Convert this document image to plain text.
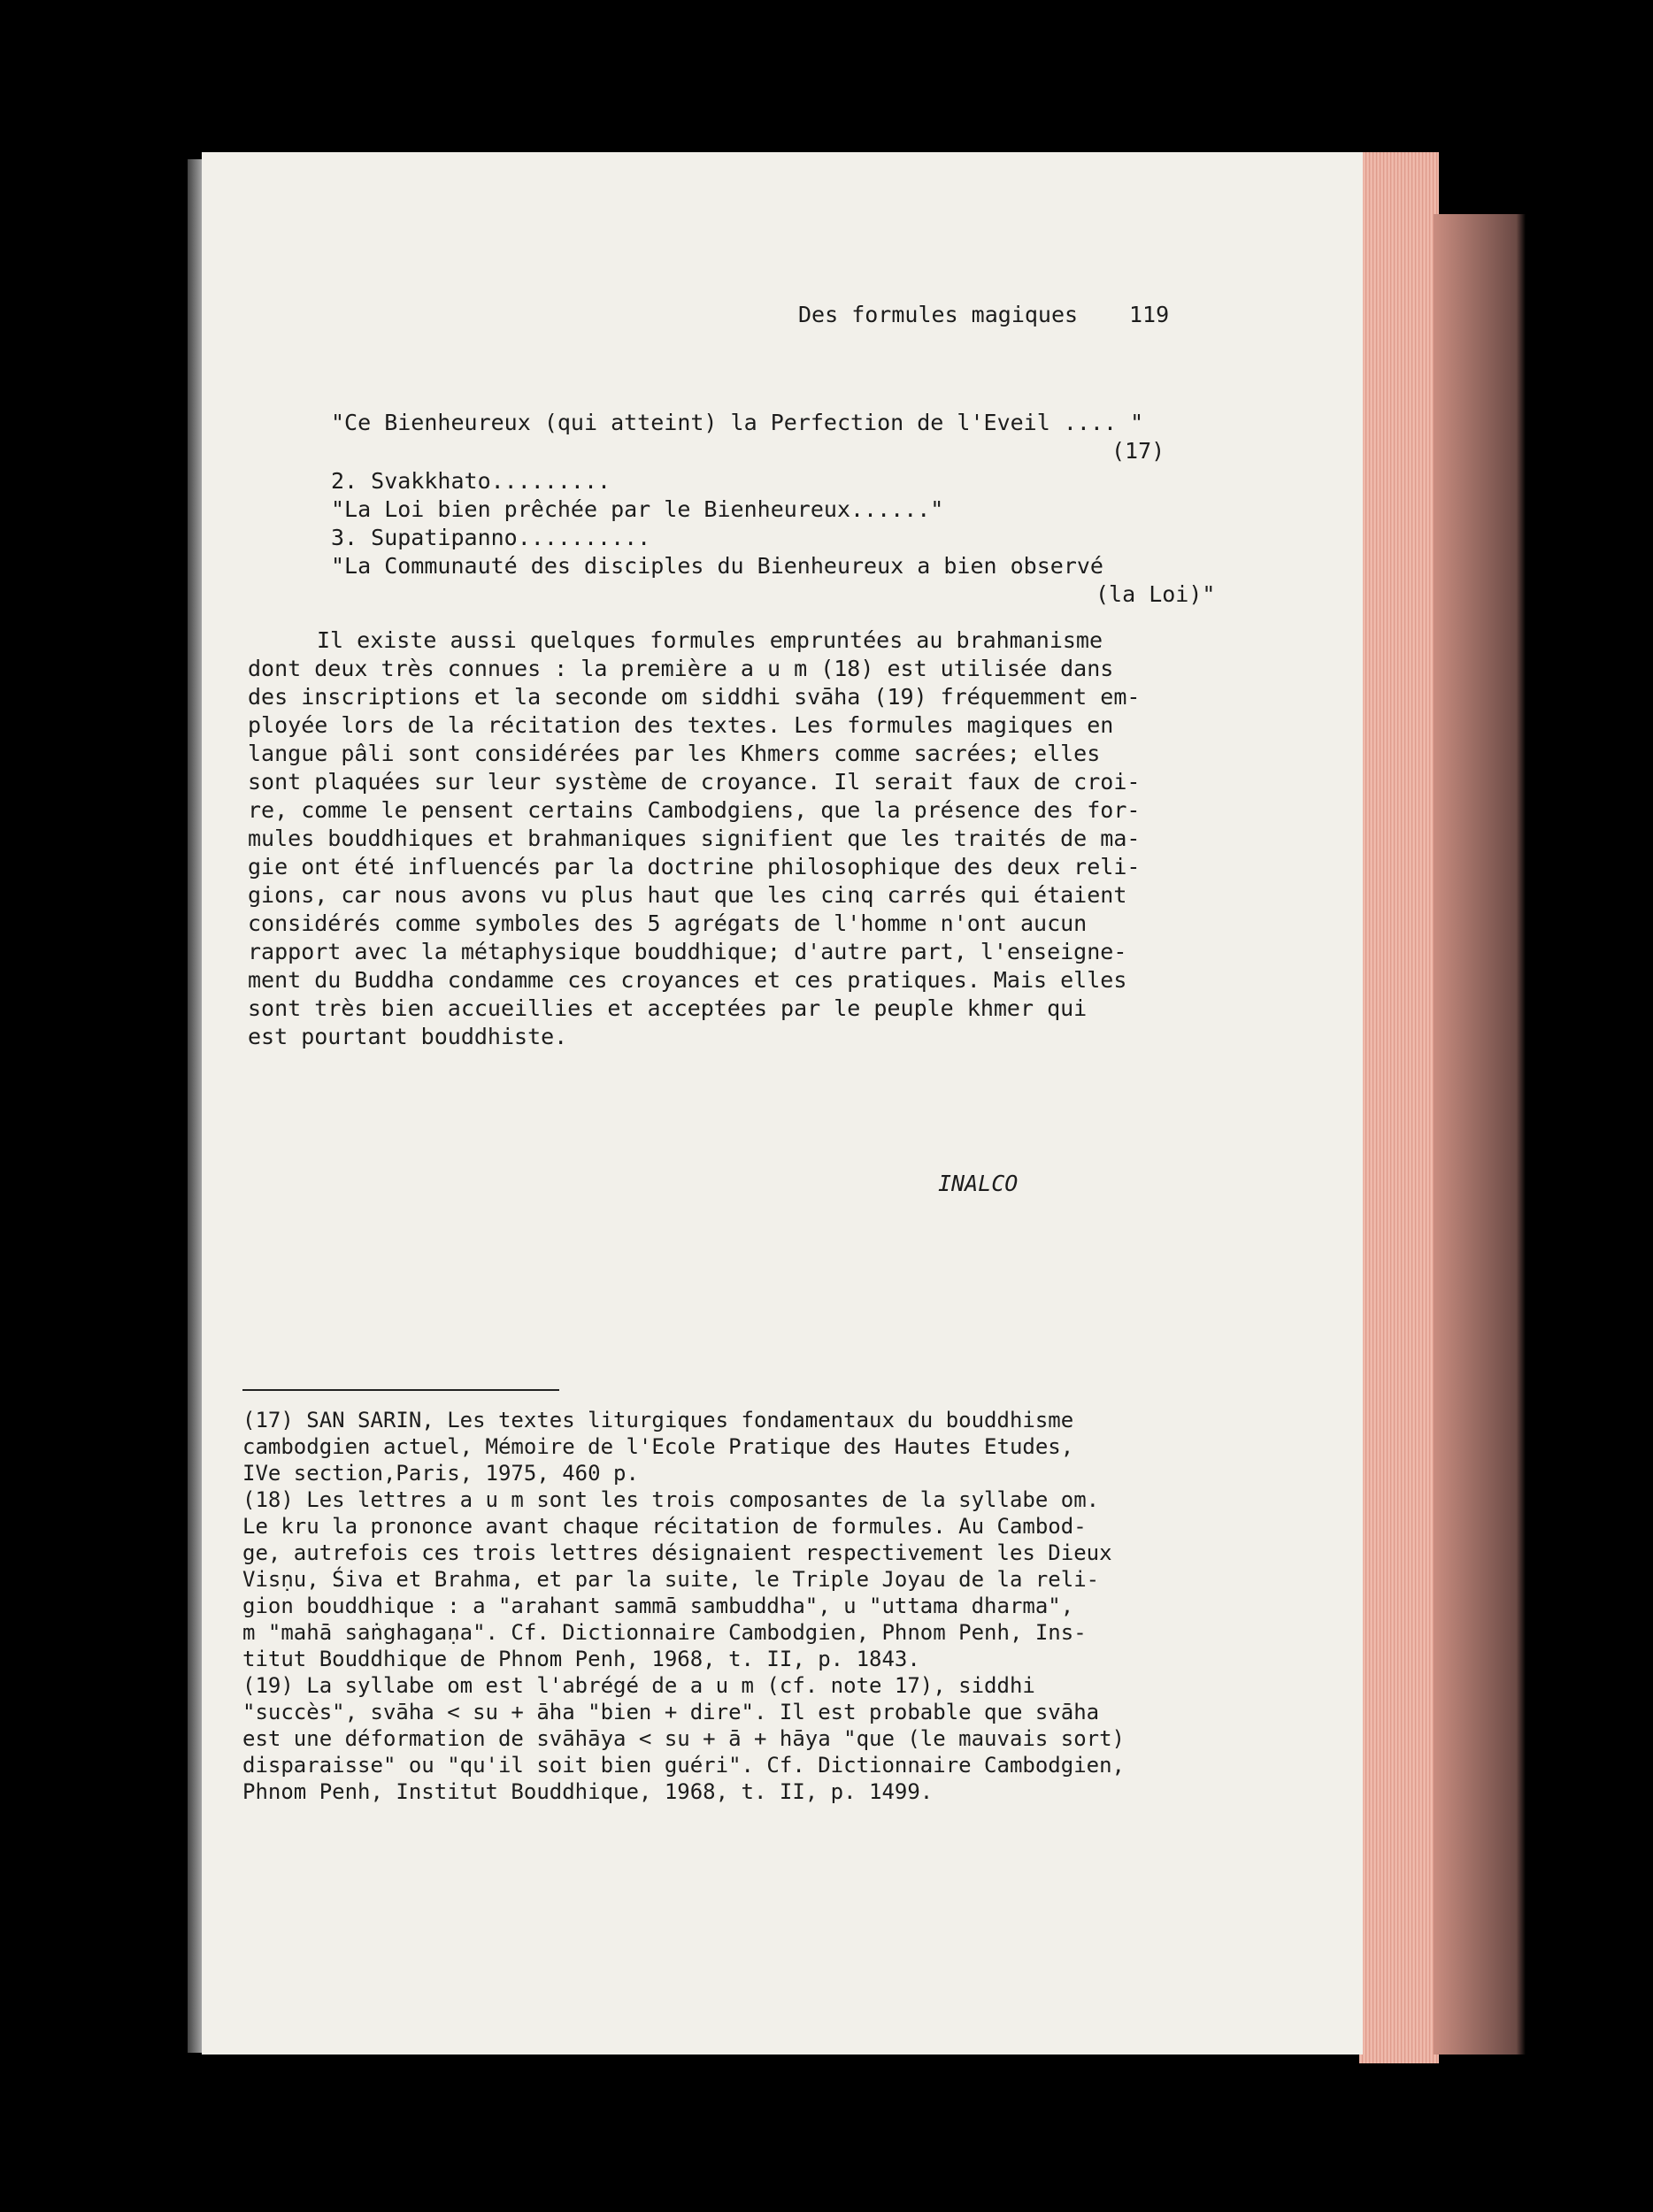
Des formules magiques 119
"Ce Bienheureux (qui atteint) la Perfection de l'Eveil .... "
(17)
2. Svakkhato.........
"La Loi bien prêchée par le Bienheureux......"
3. Supatipanno..........
"La Communauté des disciples du Bienheureux a bien observé
(la Loi)"
Il existe aussi quelques formules empruntées au brahmanisme
dont deux très connues : la première a u m (18) est utilisée dans
des inscriptions et la seconde om siddhi svāha (19) fréquemment em-
ployée lors de la récitation des textes. Les formules magiques en
langue pâli sont considérées par les Khmers comme sacrées; elles
sont plaquées sur leur système de croyance. Il serait faux de croi-
re, comme le pensent certains Cambodgiens, que la présence des for-
mules bouddhiques et brahmaniques signifient que les traités de ma-
gie ont été influencés par la doctrine philosophique des deux reli-
gions, car nous avons vu plus haut que les cinq carrés qui étaient
considérés comme symboles des 5 agrégats de l'homme n'ont aucun
rapport avec la métaphysique bouddhique; d'autre part, l'enseigne-
ment du Buddha condamme ces croyances et ces pratiques. Mais elles
sont très bien accueillies et acceptées par le peuple khmer qui
est pourtant bouddhiste.
INALCO
(17) SAN SARIN, Les textes liturgiques fondamentaux du bouddhisme
cambodgien actuel, Mémoire de l'Ecole Pratique des Hautes Etudes,
IVe section,Paris, 1975, 460 p.
(18) Les lettres a u m sont les trois composantes de la syllabe om.
Le kru la prononce avant chaque récitation de formules. Au Cambod-
ge, autrefois ces trois lettres désignaient respectivement les Dieux
Visṇu, Śiva et Brahma, et par la suite, le Triple Joyau de la reli-
gion bouddhique : a "arahant sammā sambuddha", u "uttama dharma",
m "mahā saṅghagaṇa". Cf. Dictionnaire Cambodgien, Phnom Penh, Ins-
titut Bouddhique de Phnom Penh, 1968, t. II, p. 1843.
(19) La syllabe om est l'abrégé de a u m (cf. note 17), siddhi
"succès", svāha < su + āha "bien + dire". Il est probable que svāha
est une déformation de svāhāya < su + ā + hāya "que (le mauvais sort)
disparaisse" ou "qu'il soit bien guéri". Cf. Dictionnaire Cambodgien,
Phnom Penh, Institut Bouddhique, 1968, t. II, p. 1499.
